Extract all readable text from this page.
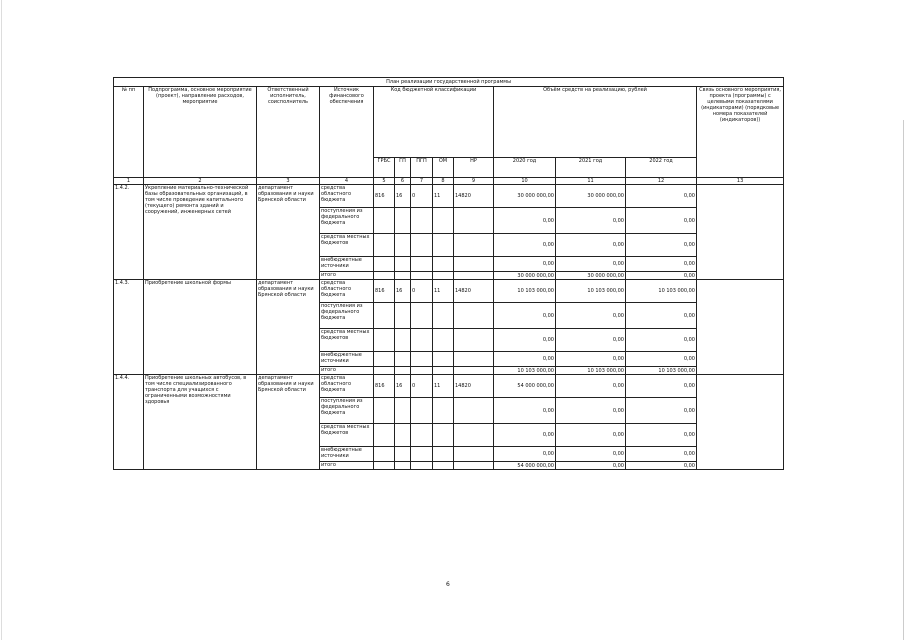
План реализации государственной программы												
№ пп	Подпрограмма, основное мероприятие (проект), направление расходов, мероприятие	Ответственный исполнитель, соисполнитель	Источник финансового обеспечения	Код бюджетной классификации					Объём средств на реализацию, рублей			Связь основного мероприятия, проекта (программы) с целевыми показателями (индикаторами) (порядковые номера показателей (индикаторов))
				ГРБС	ГП	ПГП	ОМ	НР	2020 год	2021 год	2022 год	
1	2	3	4	5	6	7	8	9	10	11	12	13
1.4.2.	Укрепление материально-технической базы образовательных организаций, в том числе проведение капитального (текущего) ремонта зданий и сооружений, инженерных сетей	департамент образования и науки Брянской области	средства областного бюджета	816	16	0	11	14820	30 000 000,00	30 000 000,00	0,00	
			поступления из федерального бюджета						0,00	0,00	0,00	
			средства местных бюджетов						0,00	0,00	0,00	
			внебюджетные источники						0,00	0,00	0,00	
			итого						30 000 000,00	30 000 000,00	0,00	
1.4.3.	Приобретение школьной формы	департамент образования и науки Брянской области	средства областного бюджета	816	16	0	11	14820	10 103 000,00	10 103 000,00	10 103 000,00	
			поступления из федерального бюджета						0,00	0,00	0,00	
			средства местных бюджетов						0,00	0,00	0,00	
			внебюджетные источники						0,00	0,00	0,00	
			итого						10 103 000,00	10 103 000,00	10 103 000,00	
1.4.4.	Приобретение школьных автобусов, в том числе специализированного транспорта для учащихся с ограниченными возможностями здоровья	департамент образования и науки Брянской области	средства областного бюджета	816	16	0	11	14820	54 000 000,00	0,00	0,00	
			поступления из федерального бюджета						0,00	0,00	0,00	
			средства местных бюджетов						0,00	0,00	0,00	
			внебюджетные источники						0,00	0,00	0,00	
			итого						54 000 000,00	0,00	0,00	
6
